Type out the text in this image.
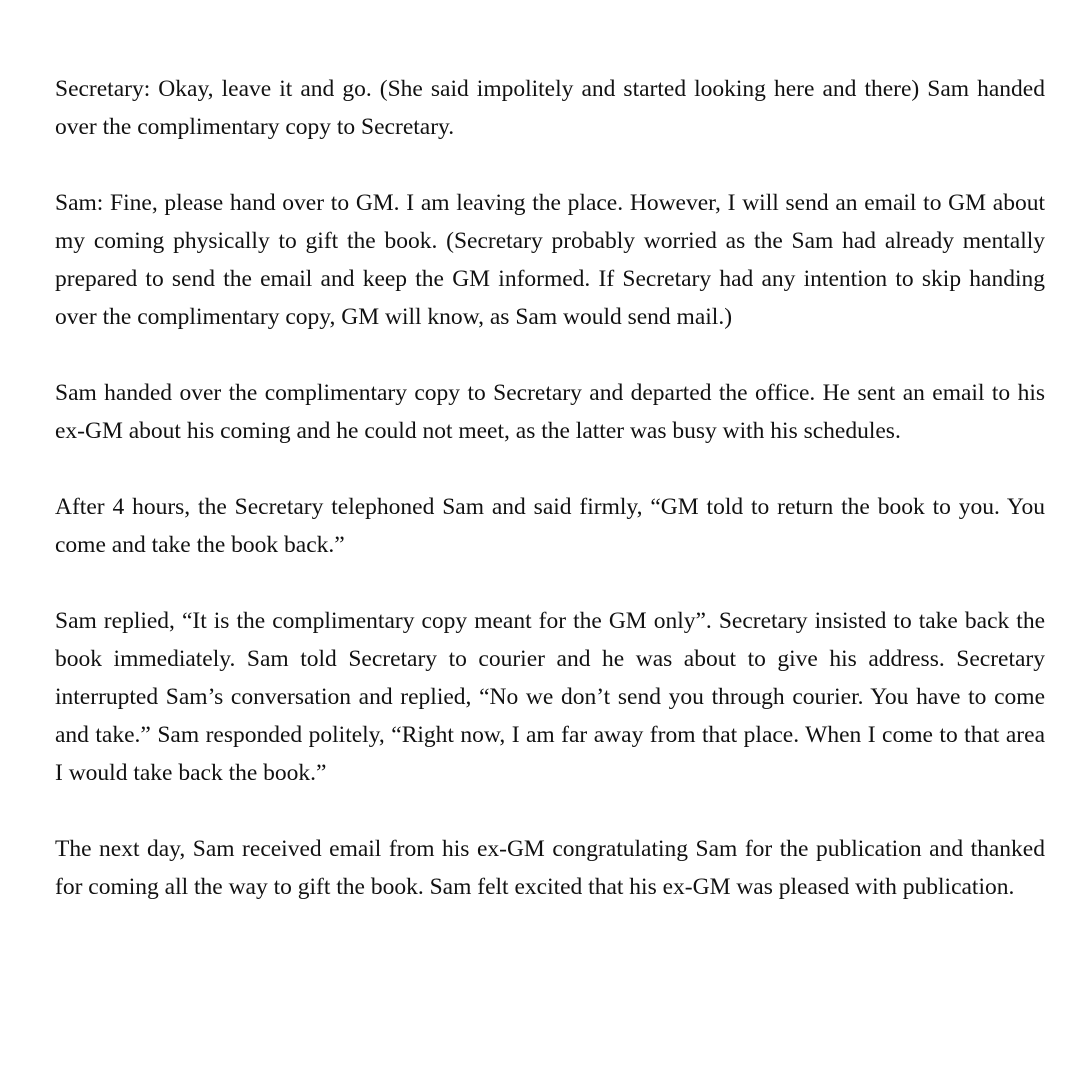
Secretary: Okay, leave it and go. (She said impolitely and started looking here and there) Sam handed over the complimentary copy to Secretary.

Sam: Fine, please hand over to GM. I am leaving the place. However, I will send an email to GM about my coming physically to gift the book. (Secretary probably worried as the Sam had already mentally prepared to send the email and keep the GM informed. If Secretary had any intention to skip handing over the complimentary copy, GM will know, as Sam would send mail.)

Sam handed over the complimentary copy to Secretary and departed the office. He sent an email to his ex-GM about his coming and he could not meet, as the latter was busy with his schedules.

After 4 hours, the Secretary telephoned Sam and said firmly, “GM told to return the book to you. You come and take the book back.”

Sam replied, “It is the complimentary copy meant for the GM only”. Secretary insisted to take back the book immediately. Sam told Secretary to courier and he was about to give his address. Secretary interrupted Sam’s conversation and replied, “No we don’t send you through courier. You have to come and take.” Sam responded politely, “Right now, I am far away from that place. When I come to that area I would take back the book.”

The next day, Sam received email from his ex-GM congratulating Sam for the publication and thanked for coming all the way to gift the book. Sam felt excited that his ex-GM was pleased with publication.
